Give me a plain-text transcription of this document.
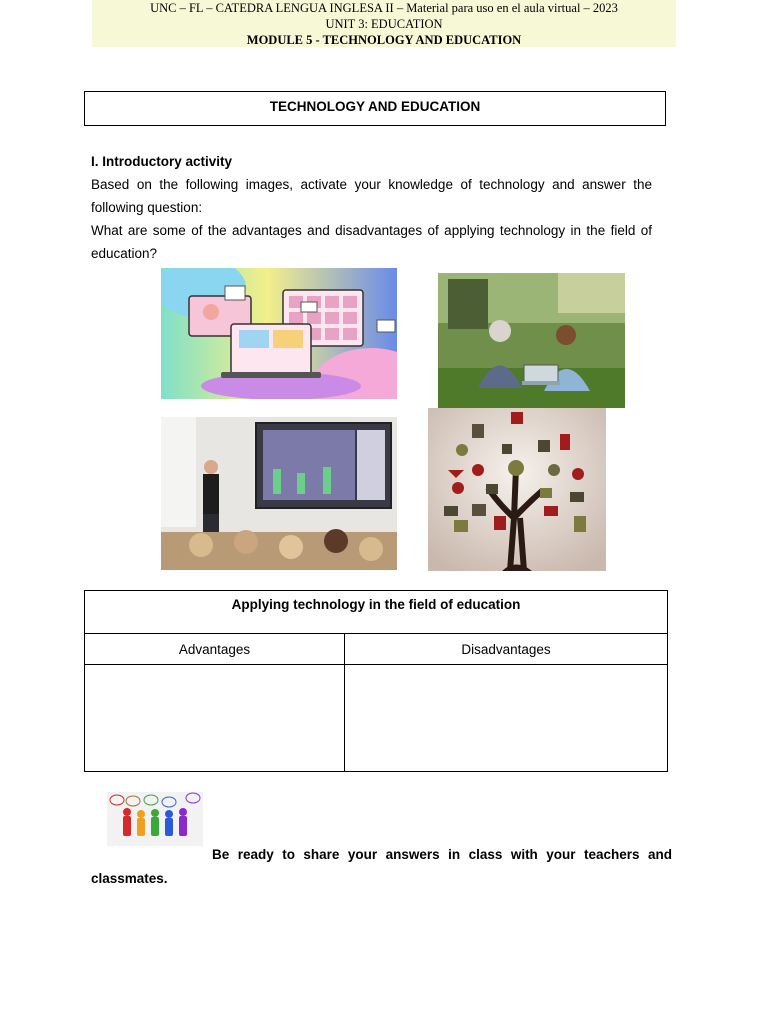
UNC – FL – CATEDRA LENGUA INGLESA II – Material para uso en el aula virtual – 2023
UNIT 3: EDUCATION
MODULE 5 - TECHNOLOGY AND EDUCATION
TECHNOLOGY AND EDUCATION

I. Introductory activity

Based on the following images, activate your knowledge of technology and answer the following question:

What are some of the advantages and disadvantages of applying technology in the field of education?

Applying technology in the field of education	
Advantages	Disadvantages

Be ready to share your answers in class with your teachers and classmates.
